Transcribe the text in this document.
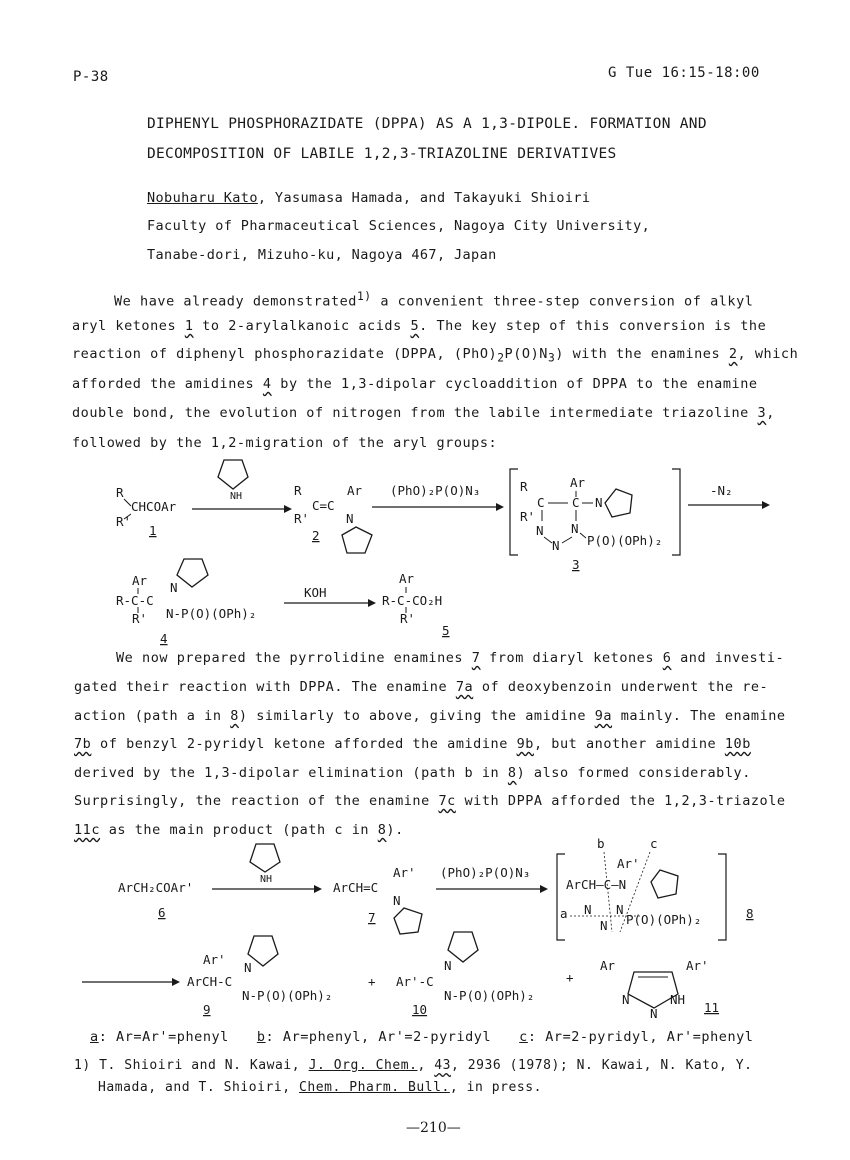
P-38	G Tue 16:15-18:00
DIPHENYL PHOSPHORAZIDATE (DPPA) AS A 1,3-DIPOLE. FORMATION AND
DECOMPOSITION OF LABILE 1,2,3-TRIAZOLINE DERIVATIVES
Nobuharu Kato, Yasumasa Hamada, and Takayuki Shioiri
Faculty of Pharmaceutical Sciences, Nagoya City University,
Tanabe-dori, Mizuho-ku, Nagoya 467, Japan
We have already demonstrated$^{1)}$ a convenient three-step conversion of alkyl
aryl ketones 1 to 2-arylalkanoic acids 5. The key step of this conversion is the
reaction of diphenyl phosphorazidate (DPPA, $(PhO)_2P(O)N_3$) with the enamines 2, which
afforded the amidines 4 by the 1,3-dipolar cycloaddition of DPPA to the enamine
double bond, the evolution of nitrogen from the labile intermediate triazoline 3,
followed by the 1,2-migration of the aryl groups:
R
CHCOAr
R'
1
NH	R
C=C
Ar
R'	N
2
(PhO)₂P(O)N₃	R
C C
Ar
N
R'
N N
N P(O)(OPh)₂
3
-N₂
Ar N
R-C-C
N-P(O)(OPh)₂
R'
4
KOH
Ar
R-C-CO₂H
R'
5
We now prepared the pyrrolidine enamines 7 from diaryl ketones 6 and investi-
gated their reaction with DPPA. The enamine 7a of deoxybenzoin underwent the re-
action (path a in 8) similarly to above, giving the amidine 9a mainly. The enamine
7b of benzyl 2-pyridyl ketone afforded the amidine 9b, but another amidine 10b
derived by the 1,3-dipolar elimination (path b in 8) also formed considerably.
Surprisingly, the reaction of the enamine 7c with DPPA afforded the 1,2,3-triazole
11c as the main product (path c in 8).
ArCH₂COAr'
6
NH
ArCH=C
Ar'
N
7
(PhO)₂P(O)N₃
b	c
Ar'
ArCH—C—N
a N
N
N
P(O)(OPh)₂	8
Ar'
N
ArCH-C
N-P(O)(OPh)₂
9
+
N
Ar'-C
N-P(O)(OPh)₂
10
+
Ar	Ar'
N
N
NH
11
a: Ar=Ar'=phenyl b: Ar=phenyl, Ar'=2-pyridyl c: Ar=2-pyridyl, Ar'=phenyl
1) T. Shioiri and N. Kawai, J. Org. Chem., 43, 2936 (1978); N. Kawai, N. Kato, Y.
Hamada, and T. Shioiri, Chem. Pharm. Bull., in press.
—210—
